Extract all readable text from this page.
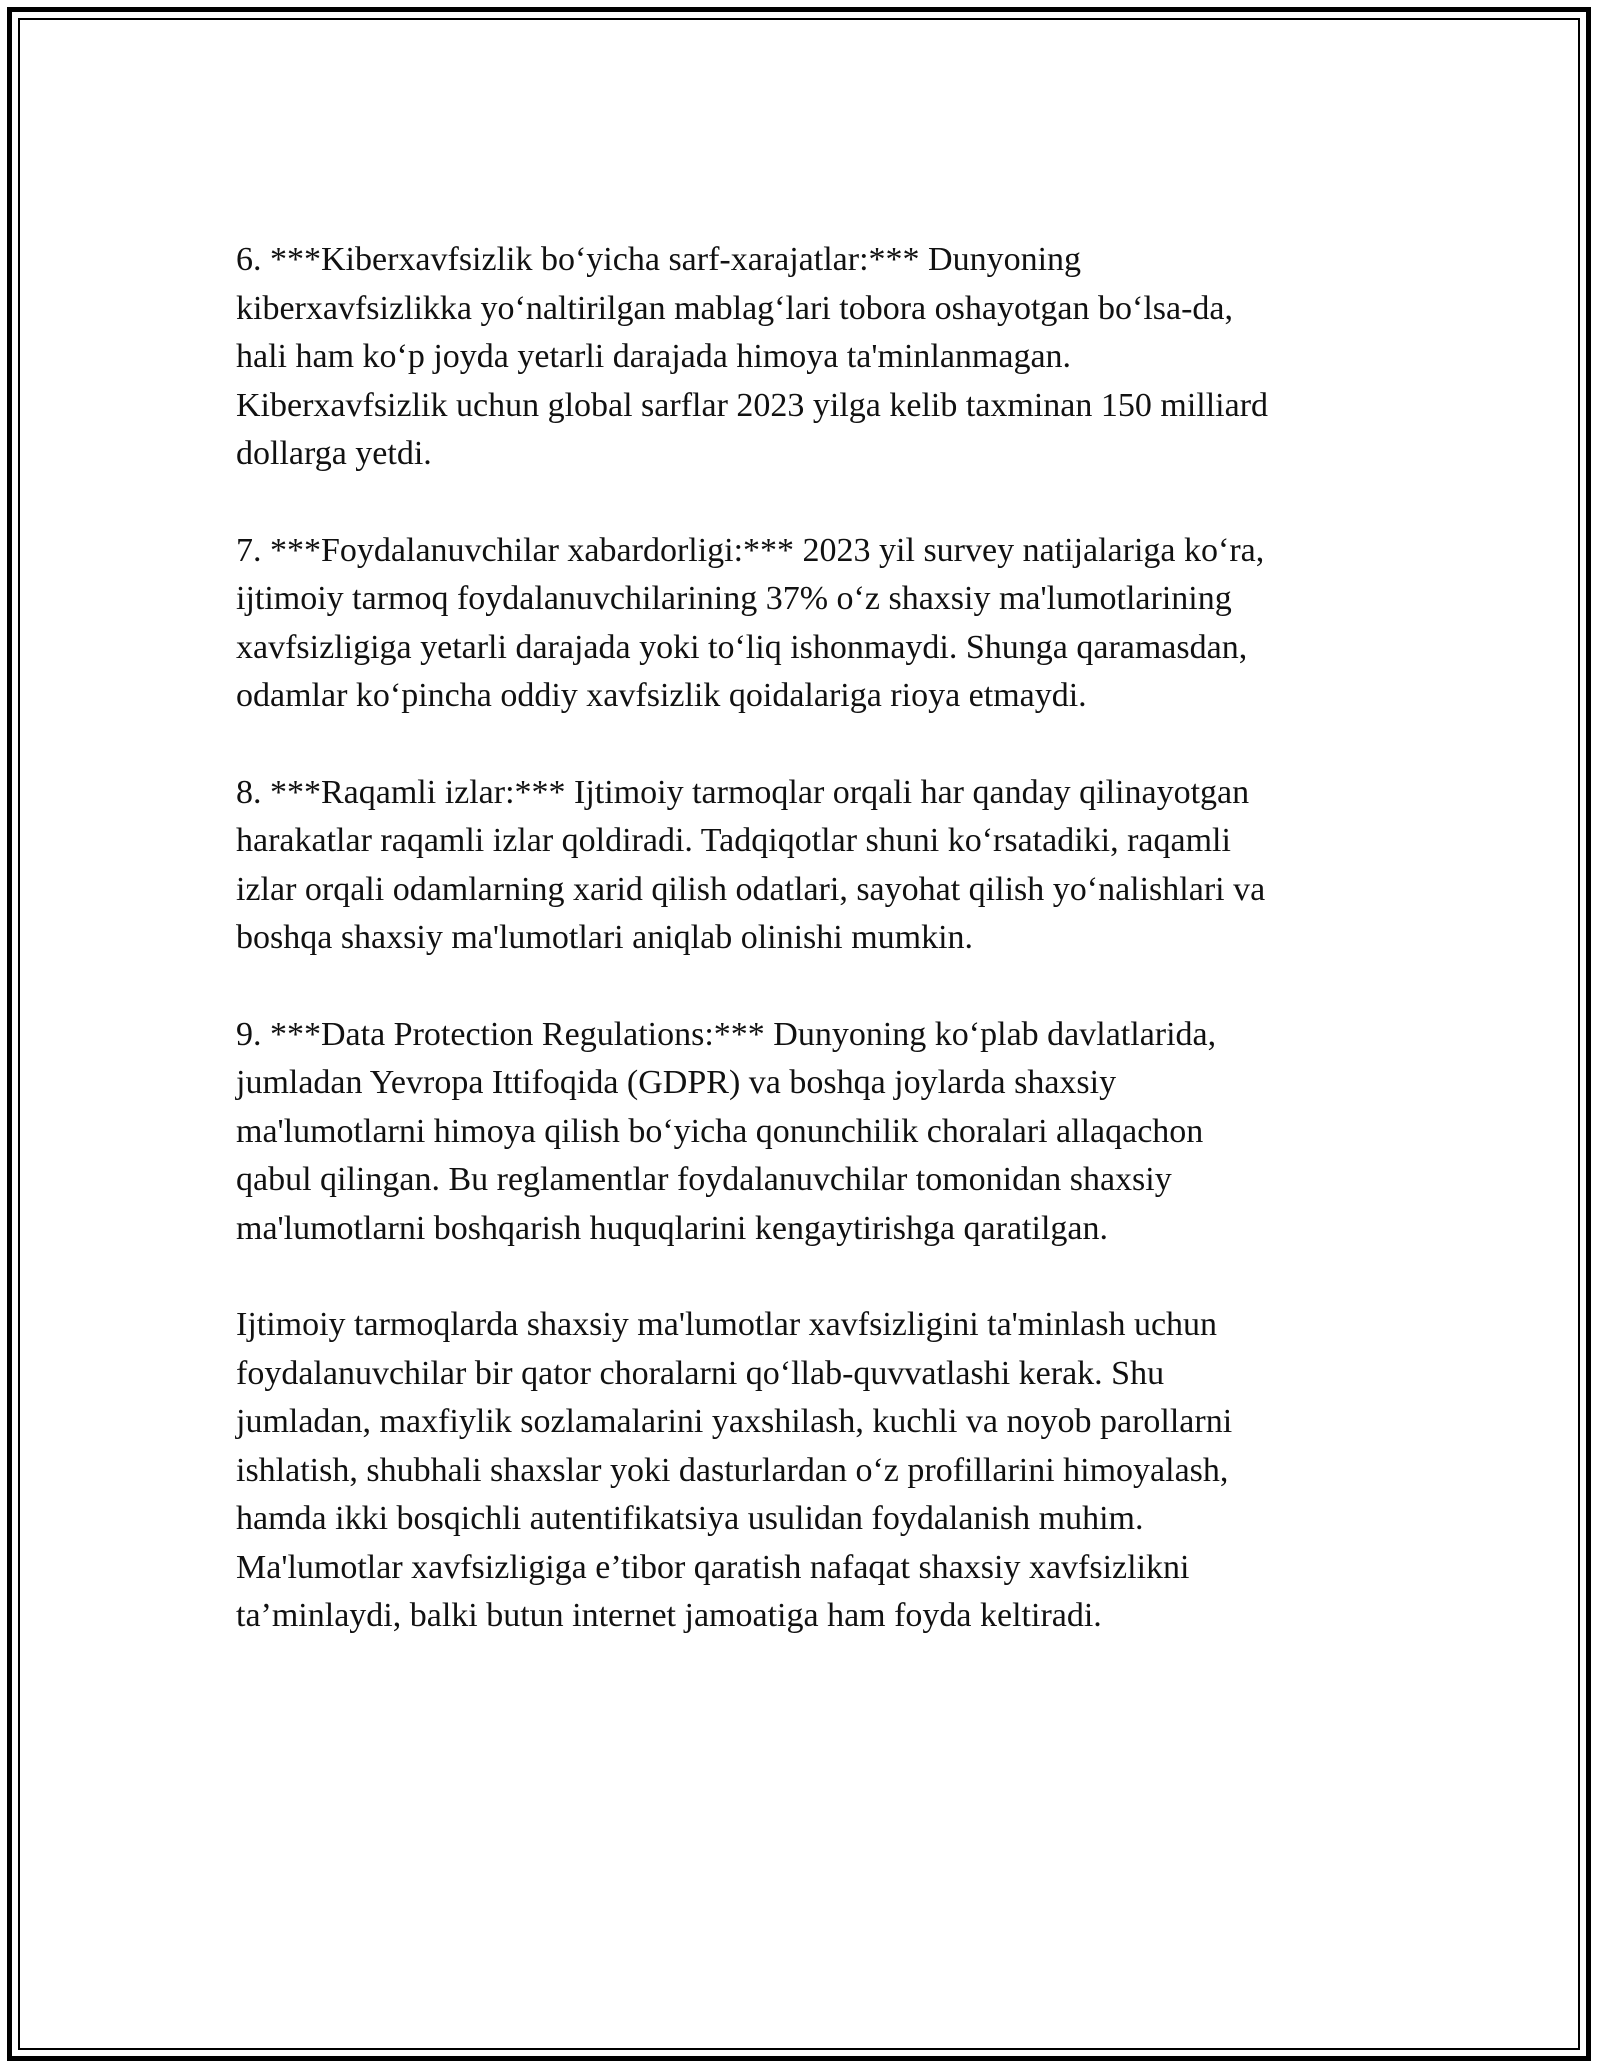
6. ***Kiberxavfsizlik boʻyicha sarf-xarajatlar:*** Dunyoning
kiberxavfsizlikka yoʻnaltirilgan mablagʻlari tobora oshayotgan boʻlsa-da,
hali ham koʻp joyda yetarli darajada himoya ta'minlanmagan.
Kiberxavfsizlik uchun global sarflar 2023 yilga kelib taxminan 150 milliard
dollarga yetdi.

7. ***Foydalanuvchilar xabardorligi:*** 2023 yil survey natijalariga koʻra,
ijtimoiy tarmoq foydalanuvchilarining 37% oʻz shaxsiy ma'lumotlarining
xavfsizligiga yetarli darajada yoki toʻliq ishonmaydi. Shunga qaramasdan,
odamlar koʻpincha oddiy xavfsizlik qoidalariga rioya etmaydi.

8. ***Raqamli izlar:*** Ijtimoiy tarmoqlar orqali har qanday qilinayotgan
harakatlar raqamli izlar qoldiradi. Tadqiqotlar shuni koʻrsatadiki, raqamli
izlar orqali odamlarning xarid qilish odatlari, sayohat qilish yoʻnalishlari va
boshqa shaxsiy ma'lumotlari aniqlab olinishi mumkin.

9. ***Data Protection Regulations:*** Dunyoning koʻplab davlatlarida,
jumladan Yevropa Ittifoqida (GDPR) va boshqa joylarda shaxsiy
ma'lumotlarni himoya qilish boʻyicha qonunchilik choralari allaqachon
qabul qilingan. Bu reglamentlar foydalanuvchilar tomonidan shaxsiy
ma'lumotlarni boshqarish huquqlarini kengaytirishga qaratilgan.

Ijtimoiy tarmoqlarda shaxsiy ma'lumotlar xavfsizligini ta'minlash uchun
foydalanuvchilar bir qator choralarni qoʻllab-quvvatlashi kerak. Shu
jumladan, maxfiylik sozlamalarini yaxshilash, kuchli va noyob parollarni
ishlatish, shubhali shaxslar yoki dasturlardan oʻz profillarini himoyalash,
hamda ikki bosqichli autentifikatsiya usulidan foydalanish muhim.
Ma'lumotlar xavfsizligiga e’tibor qaratish nafaqat shaxsiy xavfsizlikni
ta’minlaydi, balki butun internet jamoatiga ham foyda keltiradi.
